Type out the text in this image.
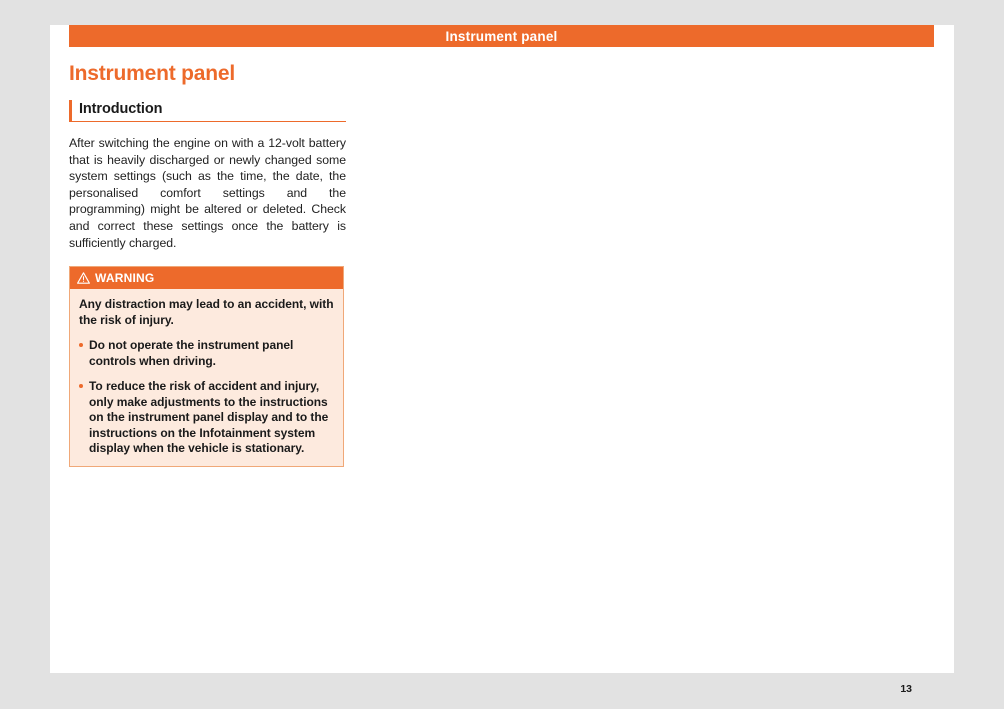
13
Instrument panel
Instrument panel
Introduction
After switching the engine on with a 12-volt battery that is heavily discharged or newly changed some system settings (such as the time, the date, the personalised comfort settings and the programming) might be altered or deleted. Check and correct these settings once the battery is sufficiently charged.
WARNING

Any distraction may lead to an accident, with the risk of injury.

Do not operate the instrument panel controls when driving.

To reduce the risk of accident and injury, only make adjustments to the instructions on the instrument panel display and to the instructions on the Infotainment system display when the vehicle is stationary.
